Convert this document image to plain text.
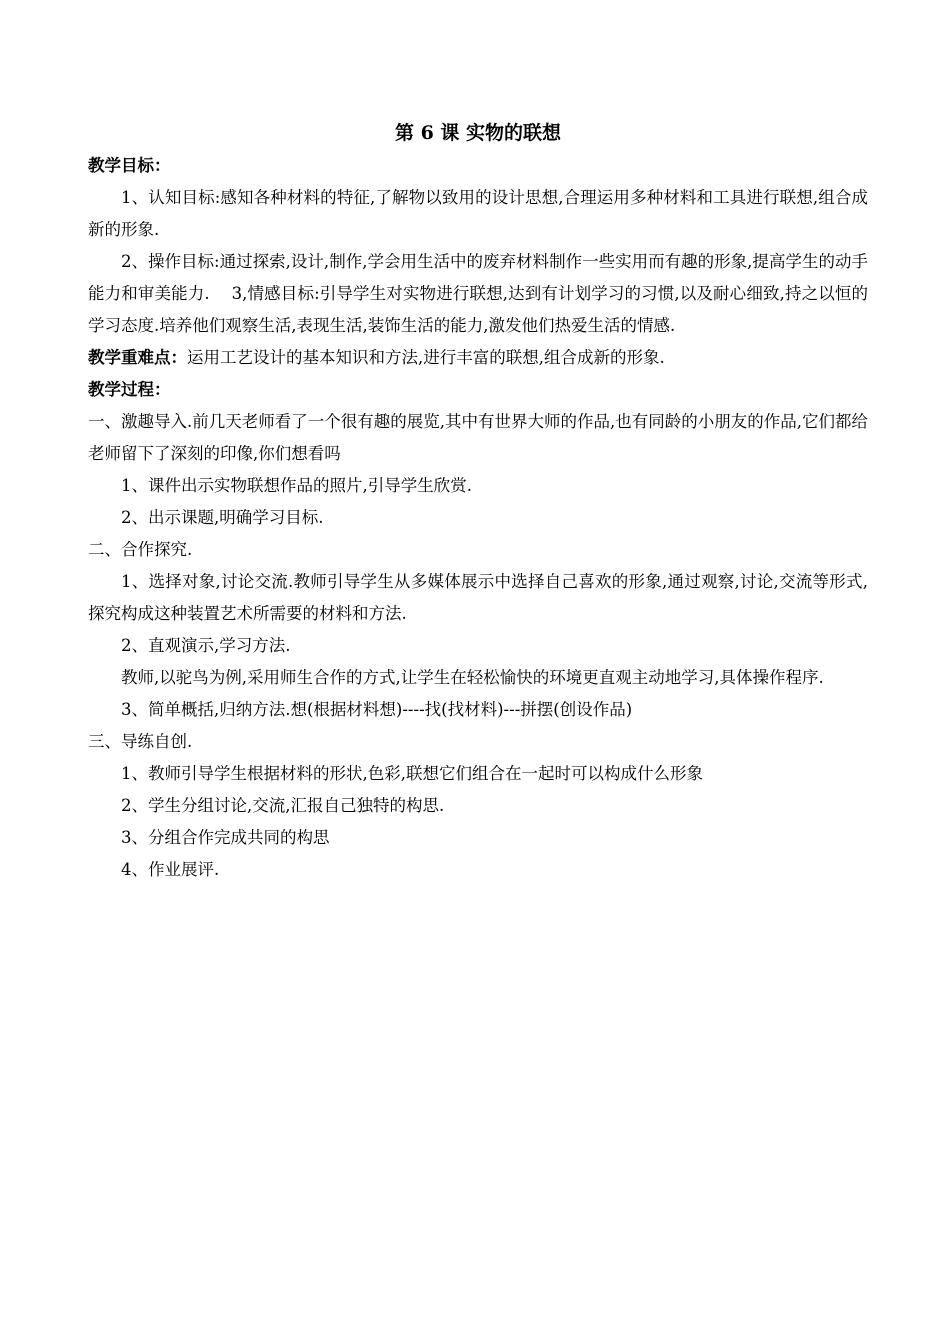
第 6 课 实物的联想

教学目标：

1、认知目标:感知各种材料的特征,了解物以致用的设计思想,合理运用多种材料和工具进行联想,组合成新的形象.

2、操作目标:通过探索,设计,制作,学会用生活中的废弃材料制作一些实用而有趣的形象,提高学生的动手能力和审美能力. 3,情感目标:引导学生对实物进行联想,达到有计划学习的习惯,以及耐心细致,持之以恒的学习态度.培养他们观察生活,表现生活,装饰生活的能力,激发他们热爱生活的情感.

教学重难点：运用工艺设计的基本知识和方法,进行丰富的联想,组合成新的形象.

教学过程：

一、激趣导入.前几天老师看了一个很有趣的展览,其中有世界大师的作品,也有同龄的小朋友的作品,它们都给老师留下了深刻的印像,你们想看吗

1、课件出示实物联想作品的照片,引导学生欣赏.

2、出示课题,明确学习目标.

二、合作探究.

1、选择对象,讨论交流.教师引导学生从多媒体展示中选择自己喜欢的形象,通过观察,讨论,交流等形式,探究构成这种装置艺术所需要的材料和方法.

2、直观演示,学习方法.

教师,以驼鸟为例,采用师生合作的方式,让学生在轻松愉快的环境更直观主动地学习,具体操作程序.

3、简单概括,归纳方法.想(根据材料想)----找(找材料)---拼摆(创设作品)

三、导练自创.

1、教师引导学生根据材料的形状,色彩,联想它们组合在一起时可以构成什么形象

2、学生分组讨论,交流,汇报自己独特的构思.

3、分组合作完成共同的构思

4、作业展评.
